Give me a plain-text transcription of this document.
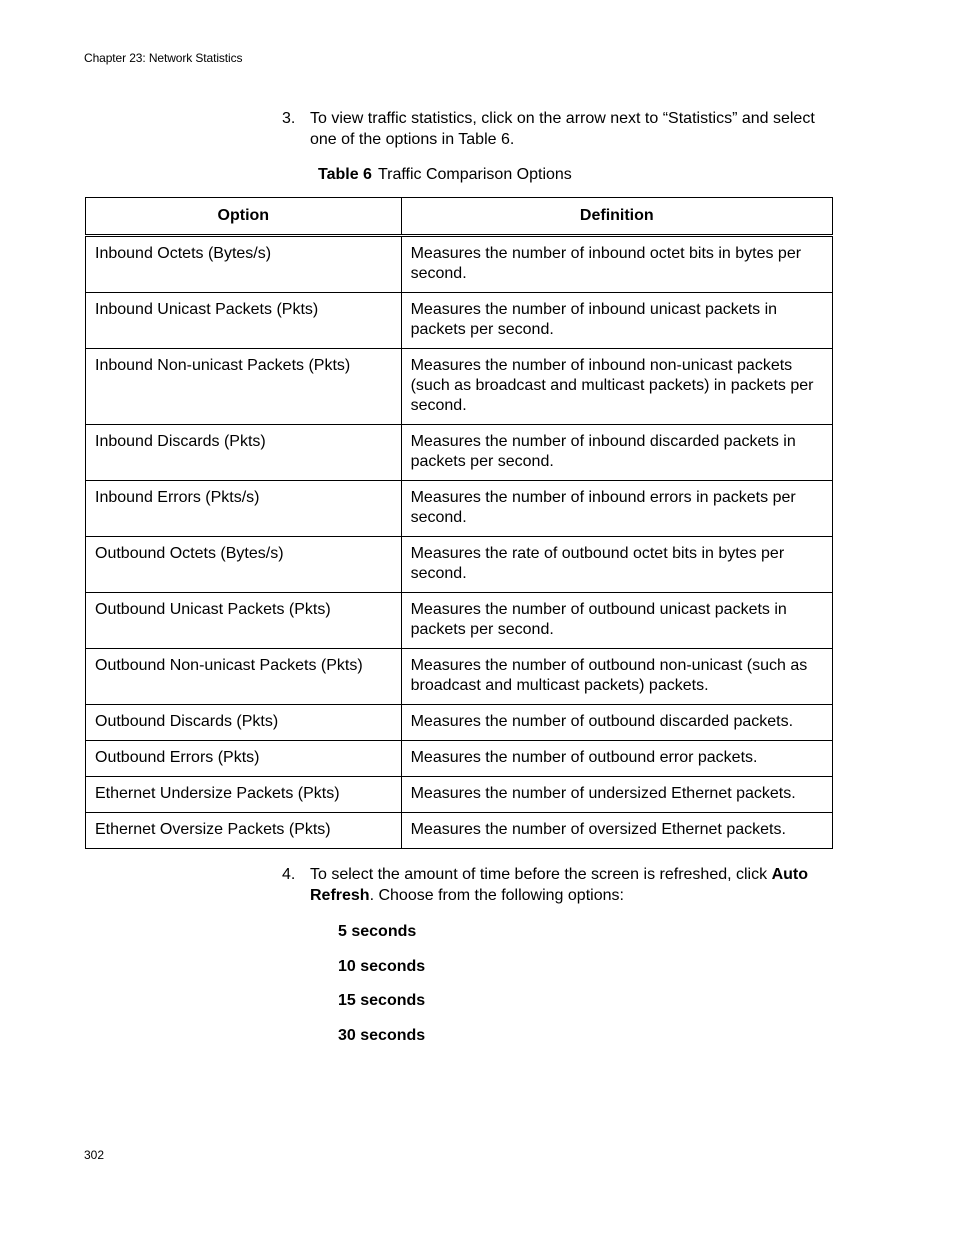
Chapter 23: Network Statistics
3. To view traffic statistics, click on the arrow next to “Statistics” and select one of the options in Table 6.
Table 6 Traffic Comparison Options
Option	Definition
Inbound Octets (Bytes/s)	Measures the number of inbound octet bits in bytes per second.
Inbound Unicast Packets (Pkts)	Measures the number of inbound unicast packets in packets per second.
Inbound Non-unicast Packets (Pkts)	Measures the number of inbound non-unicast packets (such as broadcast and multicast packets) in packets per second.
Inbound Discards (Pkts)	Measures the number of inbound discarded packets in packets per second.
Inbound Errors (Pkts/s)	Measures the number of inbound errors in packets per second.
Outbound Octets (Bytes/s)	Measures the rate of outbound octet bits in bytes per second.
Outbound Unicast Packets (Pkts)	Measures the number of outbound unicast packets in packets per second.
Outbound Non-unicast Packets (Pkts)	Measures the number of outbound non-unicast (such as broadcast and multicast packets) packets.
Outbound Discards (Pkts)	Measures the number of outbound discarded packets.
Outbound Errors (Pkts)	Measures the number of outbound error packets.
Ethernet Undersize Packets (Pkts)	Measures the number of undersized Ethernet packets.
Ethernet Oversize Packets (Pkts)	Measures the number of oversized Ethernet packets.
4. To select the amount of time before the screen is refreshed, click Auto Refresh. Choose from the following options:
5 seconds
10 seconds
15 seconds
30 seconds
302
